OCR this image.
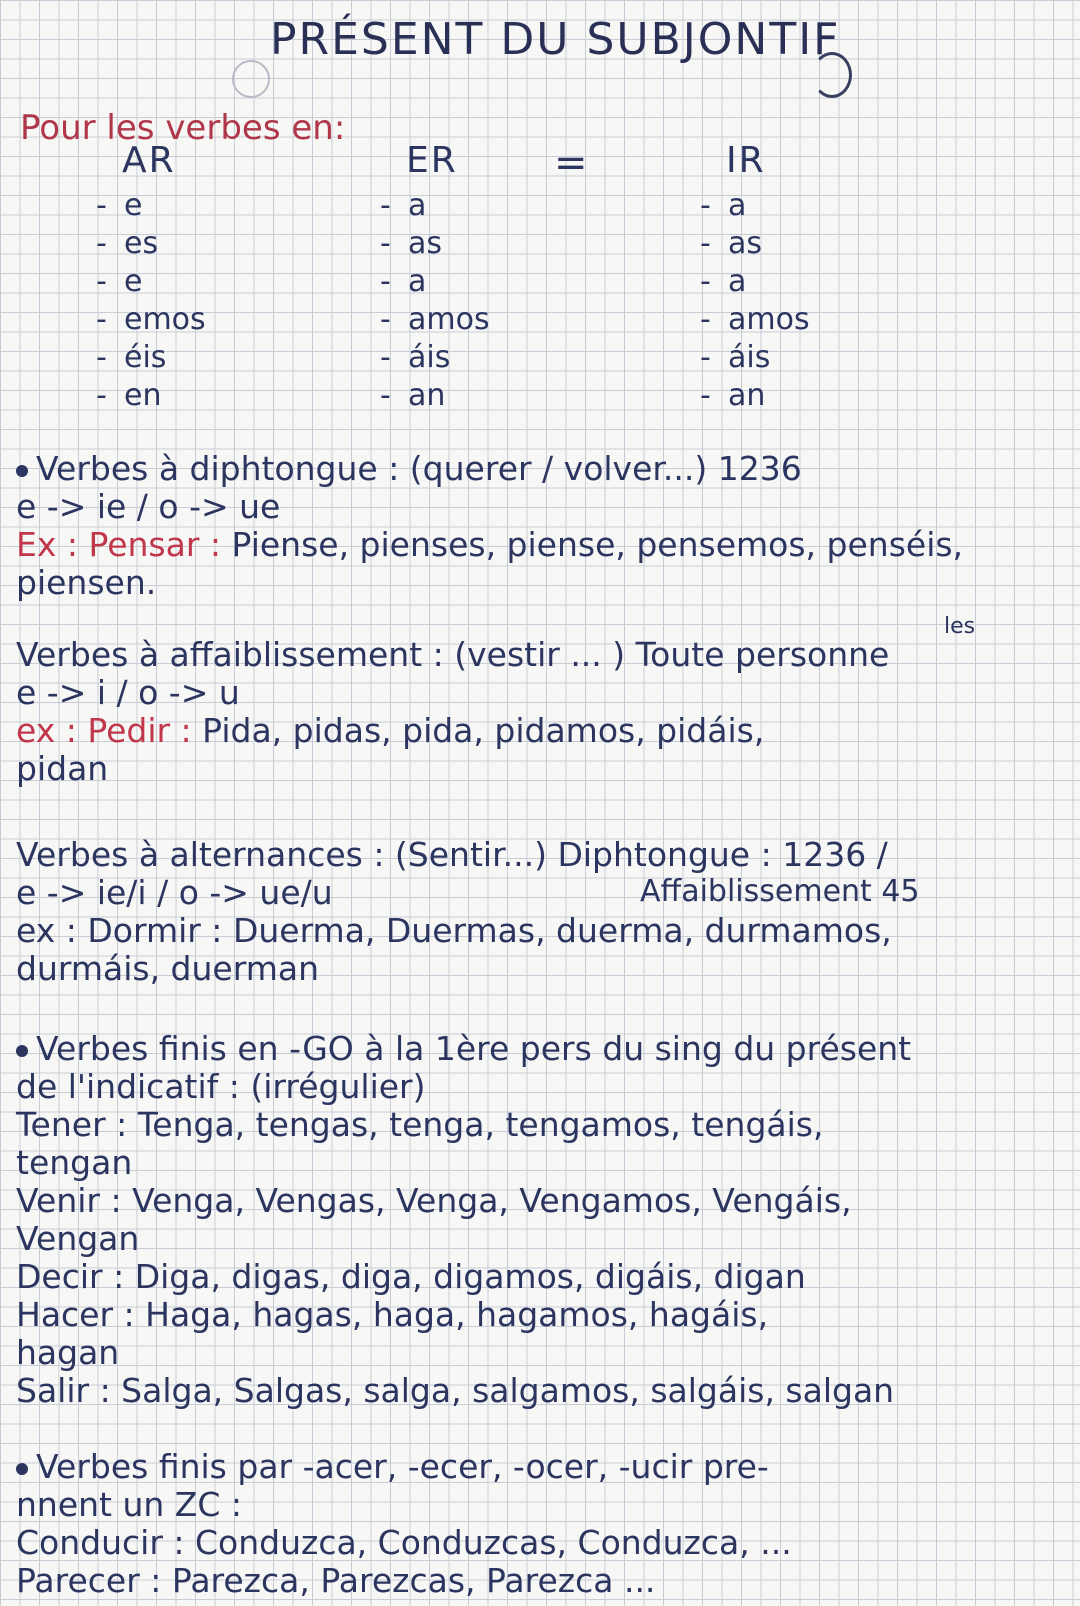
PRÉSENT DU SUBJONTIF
Pour les verbes en:
AR
- e
- es
- e
- emos
- éis
- en
ER
- a
- as
- a
- amos
- áis
- an
=	IR
- a
- as
- a
- amos
- áis
- an
Verbes à diphtongue : (querer / volver...) 1236
e -> ie / o -> ue
Ex : Pensar : Piense, pienses, piense, pensemos, penséis,
piensen.
Verbes à affaiblissement : (vestir ... ) Toute personne
e -> i / o -> u
ex : Pedir : Pida, pidas, pida, pidamos, pidáis,
pidan
les
Verbes à alternances : (Sentir...) Diphtongue : 1236 /
e -> ie/i / o -> ue/u
ex : Dormir : Duerma, Duermas, duerma, durmamos,
durmáis, duerman
Affaiblissement 45
Verbes finis en -GO à la 1ère pers du sing du présent
de l'indicatif : (irrégulier)
Tener : Tenga, tengas, tenga, tengamos, tengáis,
tengan
Venir : Venga, Vengas, Venga, Vengamos, Vengáis,
Vengan
Decir : Diga, digas, diga, digamos, digáis, digan
Hacer : Haga, hagas, haga, hagamos, hagáis,
hagan
Salir : Salga, Salgas, salga, salgamos, salgáis, salgan
Verbes finis par -acer, -ecer, -ocer, -ucir pre-
nnent un ZC :
Conducir : Conduzca, Conduzcas, Conduzca, ...
Parecer : Parezca, Parezcas, Parezca ...
